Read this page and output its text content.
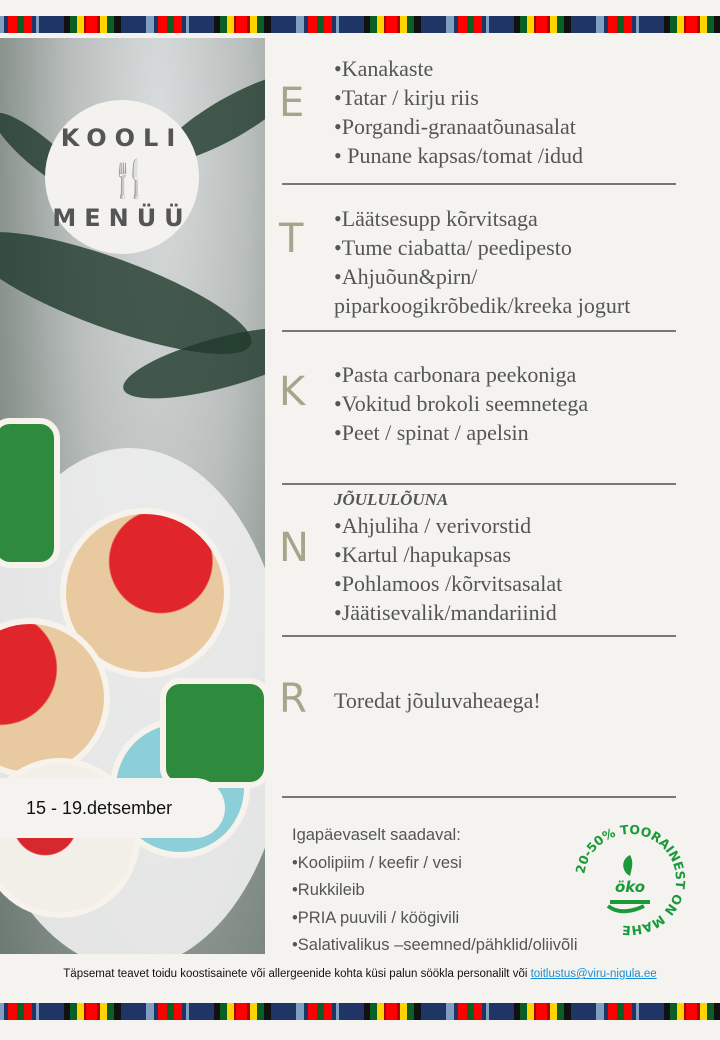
KOOLI
🍴
MENÜÜ
15 - 19.detsember
E
•Kanakaste
•Tatar / kirju riis
•Porgandi-granaatõunasalat
• Punane kapsas/tomat /idud
T •Läätsesupp kõrvitsaga
•Tume ciabatta/ peedipesto
•Ahjuõun&pirn/
piparkoogikrõbedik/kreeka jogurt
K •Pasta carbonara peekoniga
•Vokitud brokoli seemnetega
•Peet / spinat / apelsin
N
JÕULULÕUNA
•Ahjuliha / verivorstid
•Kartul /hapukapsas
•Pohlamoos /kõrvitsasalat
•Jäätisevalik/mandariinid
R Toredat jõuluvaheaega!
Igapäevaselt saadaval:
•Koolipiim / keefir / vesi
•Rukkileib
•PRIA puuvili / köögivili
•Salativalikus –seemned/pähklid/oliivõli
20-50% TOORAINEST ON MAHE
öko
Täpsemat teavet toidu koostisainete või allergeenide kohta küsi palun söökla personalilt või toitlustus@viru-nigula.ee
